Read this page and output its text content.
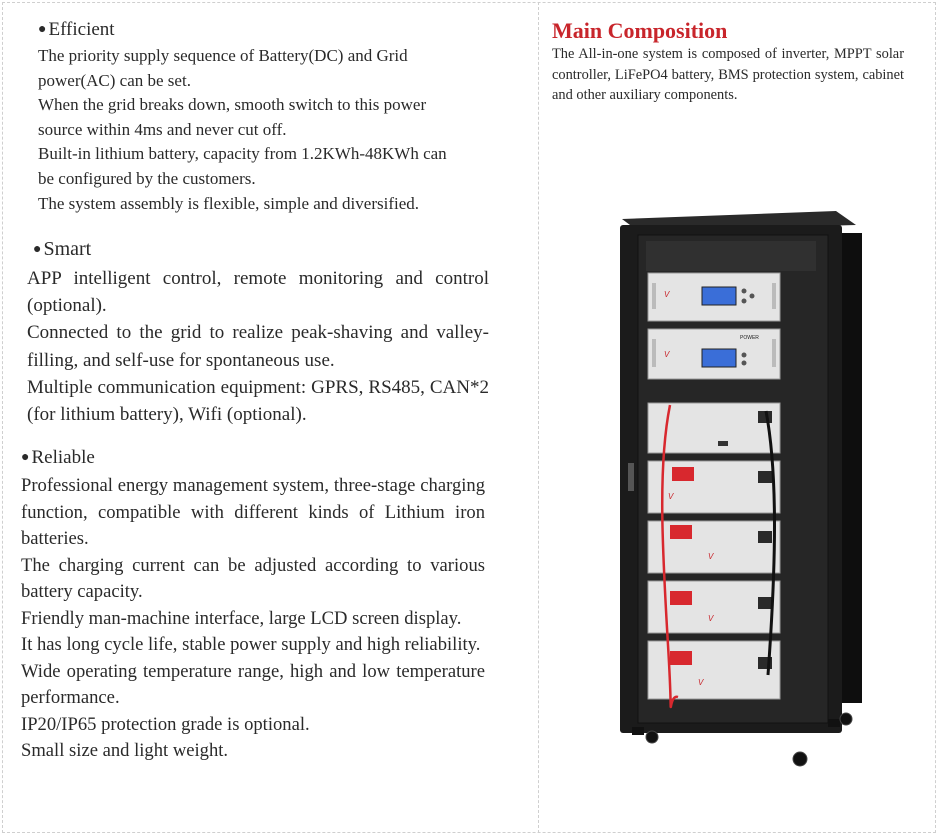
● Efficient

The priority supply sequence of Battery(DC) and Grid power(AC) can be set.

When the grid breaks down, smooth switch to this power source within 4ms and never cut off.

Built-in lithium battery, capacity from 1.2KWh-48KWh can be configured by the customers.

The system assembly is flexible, simple and diversified.

● Smart

APP intelligent control, remote monitoring and control (optional).

Connected to the grid to realize peak-shaving and valley-filling, and self-use for spontaneous use.

Multiple communication equipment: GPRS, RS485, CAN*2 (for lithium battery), Wifi (optional).

● Reliable

Professional energy management system, three-stage charging function, compatible with different kinds of Lithium iron batteries.

The charging current can be adjusted according to various battery capacity.

Friendly man-machine interface, large LCD screen display.

It has long cycle life, stable power supply and high reliability.

Wide operating temperature range, high and low temperature performance.

IP20/IP65 protection grade is optional.

Small size and light weight.

Main Composition

The All-in-one system is composed of inverter, MPPT solar controller, LiFePO4 battery, BMS protection system, cabinet and other auxiliary components.

V
POWER
V
V
V
V
V
